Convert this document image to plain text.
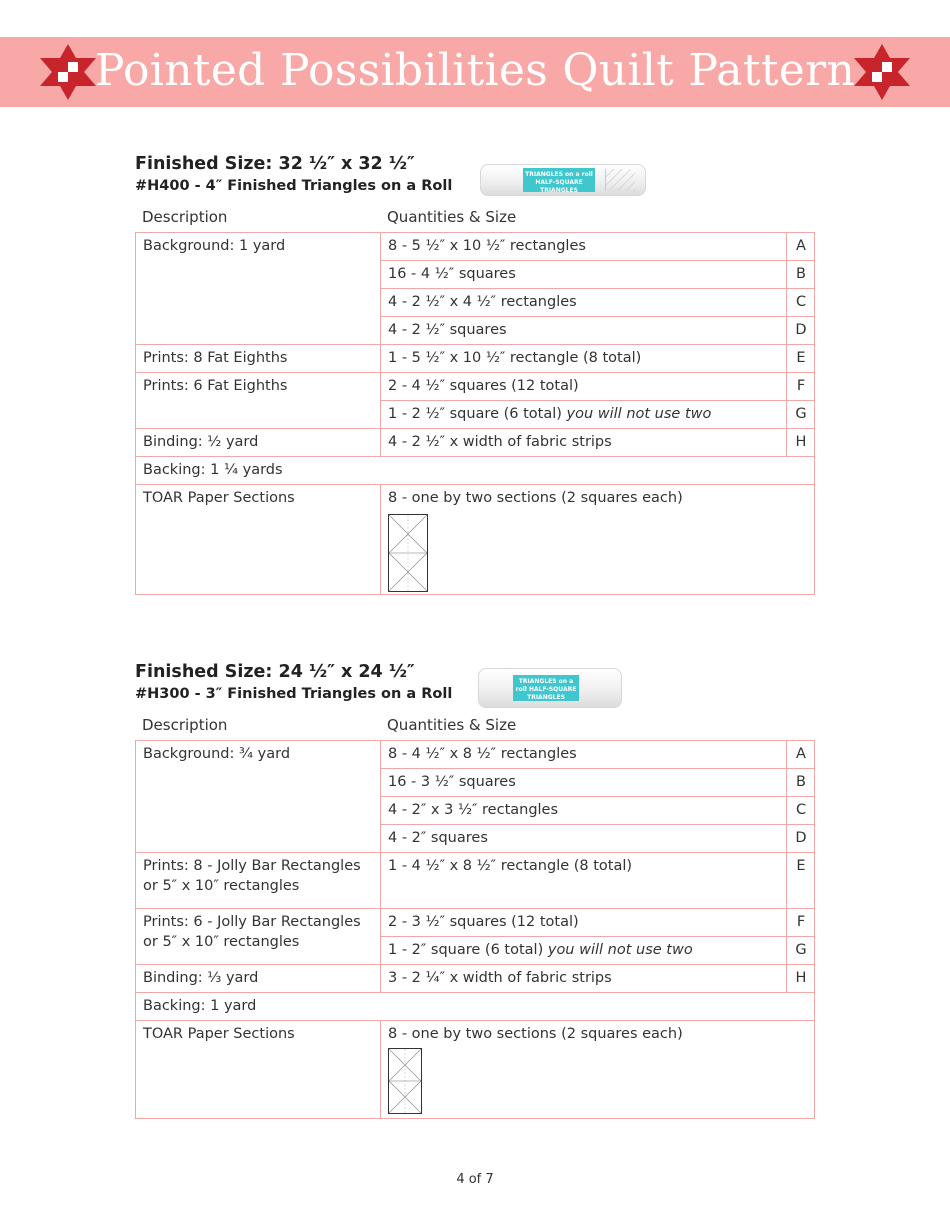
Pointed Possibilities Quilt Pattern
Finished Size: 32 ½″ x 32 ½″
#H400 - 4″ Finished Triangles on a Roll
TRIANGLES on a roll HALF-SQUARE TRIANGLES
Description	Quantities & Size
Background: 1 yard	8 - 5 ½″ x 10 ½″ rectangles	A
	16 - 4 ½″ squares	B
	4 - 2 ½″ x 4 ½″ rectangles	C
	4 - 2 ½″ squares	D
Prints: 8 Fat Eighths	1 - 5 ½″ x 10 ½″ rectangle (8 total)	E
Prints: 6 Fat Eighths	2 - 4 ½″ squares (12 total)	F
	1 - 2 ½″ square (6 total) you will not use two	G
Binding: ½ yard	4 - 2 ½″ x width of fabric strips	H
Backing: 1 ¼ yards		
TOAR Paper Sections	8 - one by two sections (2 squares each)	
Finished Size: 24 ½″ x 24 ½″
#H300 - 3″ Finished Triangles on a Roll
TRIANGLES on a roll HALF-SQUARE TRIANGLES
Description	Quantities & Size
Background: ¾ yard	8 - 4 ½″ x 8 ½″ rectangles	A
	16 - 3 ½″ squares	B
	4 - 2″ x 3 ½″ rectangles	C
	4 - 2″ squares	D

Prints: 8 - Jolly Bar Rectangles
or 5″ x 10″ rectangles	1 - 4 ½″ x 8 ½″ rectangle (8 total)	E

Prints: 6 - Jolly Bar Rectangles
or 5″ x 10″ rectangles	2 - 3 ½″ squares (12 total)	F
	1 - 2″ square (6 total) you will not use two	G
Binding: ⅓ yard	3 - 2 ¼″ x width of fabric strips	H
Backing: 1 yard		
TOAR Paper Sections	8 - one by two sections (2 squares each)	
4 of 7
